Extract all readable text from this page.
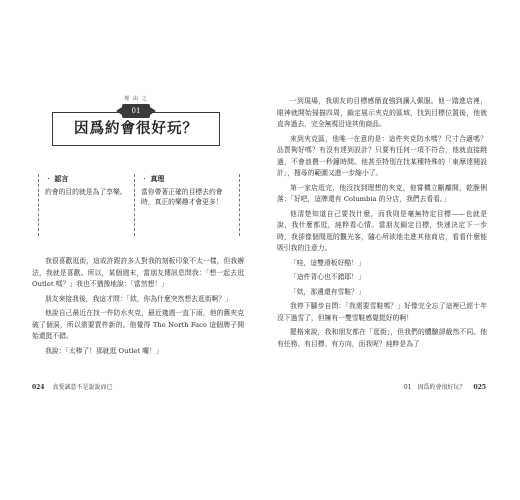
理 由 之
01
因爲約會很好玩？
‧ 認言
約會的目的就是為了享樂。
‧ 真理
當你帶著正確的目標去約會時，真正的樂趣才會更多！

我很喜歡逛街，這或許跟許多人對我的刻板印象不太一樣，但我辦法，我就是喜歡。所以，某個週末，當朋友傳訊息問我：「想一起去逛 Outlet 嗎？」我也不猶豫地說：「當然想！」

朋友來接我後，我這才問：「欸，你為什麼突然想去逛街啊？」

他說自己最近在找一件防水夾克，最近幾週一直下雨，他的舊夾克破了個洞，所以需要買件新的。他覺得 The North Face 這個牌子開始還挺不錯。

我說：「太棒了！那就逛 Outlet 囉！」

一到現場，我朋友的目標感簡直強到讓人佩服。他一踏進店裡，眼神就開始掃描四周，鎖定展示夾克的區域，找到目標位置後，他就直奔過去，完全無視沿途其他商品。

來到夾克區，他唯一在意的是：這件夾克防水嗎？尺寸合適嗎？品質夠好嗎？有沒有達到設計？只要有任何一項不符合，他就直接跳過，不會浪費一秒鐘時間。他甚至特別在找某種特殊的「東摩達閱設計」，搜尋的範圍又進一步縮小了。

第一家店逛完，他沒找到理想的夾克，他嘗機立斷離開，乾脆俐落：「好吧，這牌還有 Columbia 的分店，我們去看看。」

他清楚知道自己要找什麼，而我則是毫無特定目標——也就是說，我什麼都逛，純粹看心情。當朋友鎖定目標，快速決定下一步時，我卻像個閒逛的觀光客，隨心所欲地走進其他商店，看看什麼能吸引我的注意力。

「哇，這雙滑板好酷！」

「這件背心也不錯耶！」

「欸，那邊還有雪鞋？」

我停下腳步自問：「我需要雪鞋嗎？」好像完全忘了這裡已經十年沒下過雪了，但擁有一雙雪鞋感覺挺好的啊！

罷格來說，我和朋友都在「逛街」，但我們的體驗卻截然不同。他有任務、有目標、有方向，而我呢？純粹是為了

024 真愛誠意不是說說而已	01　因爲約會很好玩？ 025
